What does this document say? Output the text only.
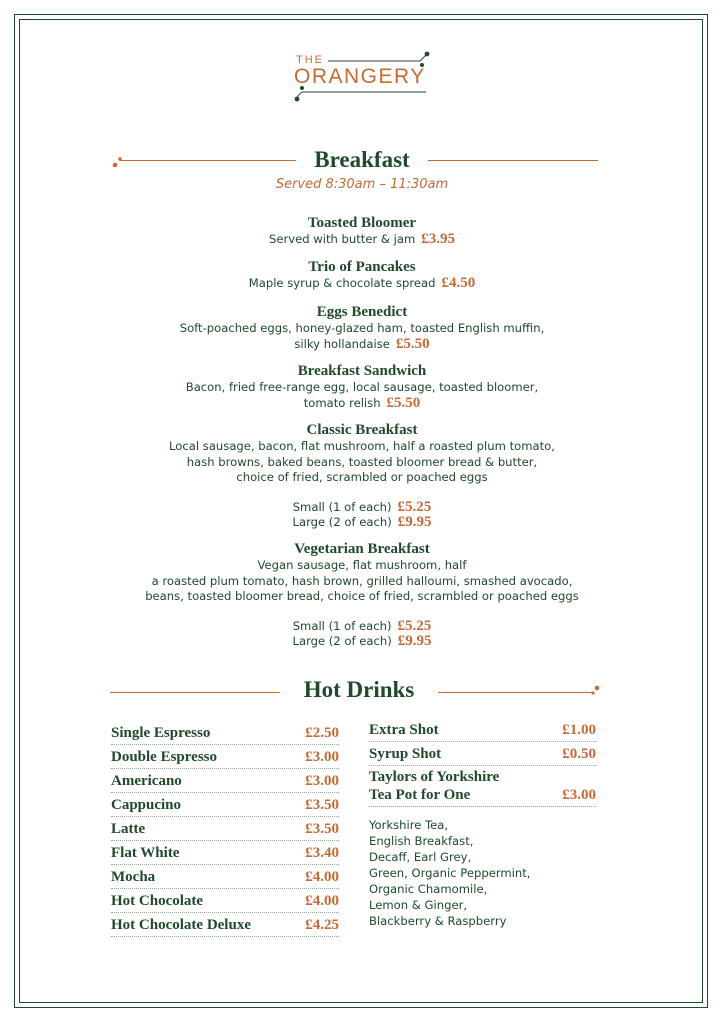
THE
ORANGERY
Breakfast
Served 8:30am – 11:30am
Toasted Bloomer
Served with butter & jam £3.95
Trio of Pancakes
Maple syrup & chocolate spread £4.50
Eggs Benedict
Soft-poached eggs, honey-glazed ham, toasted English muffin,
silky hollandaise £5.50
Breakfast Sandwich
Bacon, fried free-range egg, local sausage, toasted bloomer,
tomato relish £5.50
Classic Breakfast
Local sausage, bacon, flat mushroom, half a roasted plum tomato,
hash browns, baked beans, toasted bloomer bread & butter,
choice of fried, scrambled or poached eggs
Small (1 of each) £5.25
Large (2 of each) £9.95
Vegetarian Breakfast
Vegan sausage, flat mushroom, half
a roasted plum tomato, hash brown, grilled halloumi, smashed avocado,
beans, toasted bloomer bread, choice of fried, scrambled or poached eggs
Small (1 of each) £5.25
Large (2 of each) £9.95
Hot Drinks
Single Espresso	£2.50
Double Espresso	£3.00
Americano	£3.00
Cappucino	£3.50
Latte	£3.50
Flat White	£3.40
Mocha	£4.00
Hot Chocolate	£4.00
Hot Chocolate Deluxe	£4.25
Extra Shot	£1.00
Syrup Shot	£0.50
Taylors of Yorkshire
Tea Pot for One	£3.00
Yorkshire Tea,
English Breakfast,
Decaff, Earl Grey,
Green, Organic Peppermint,
Organic Chamomile,
Lemon & Ginger,
Blackberry & Raspberry
